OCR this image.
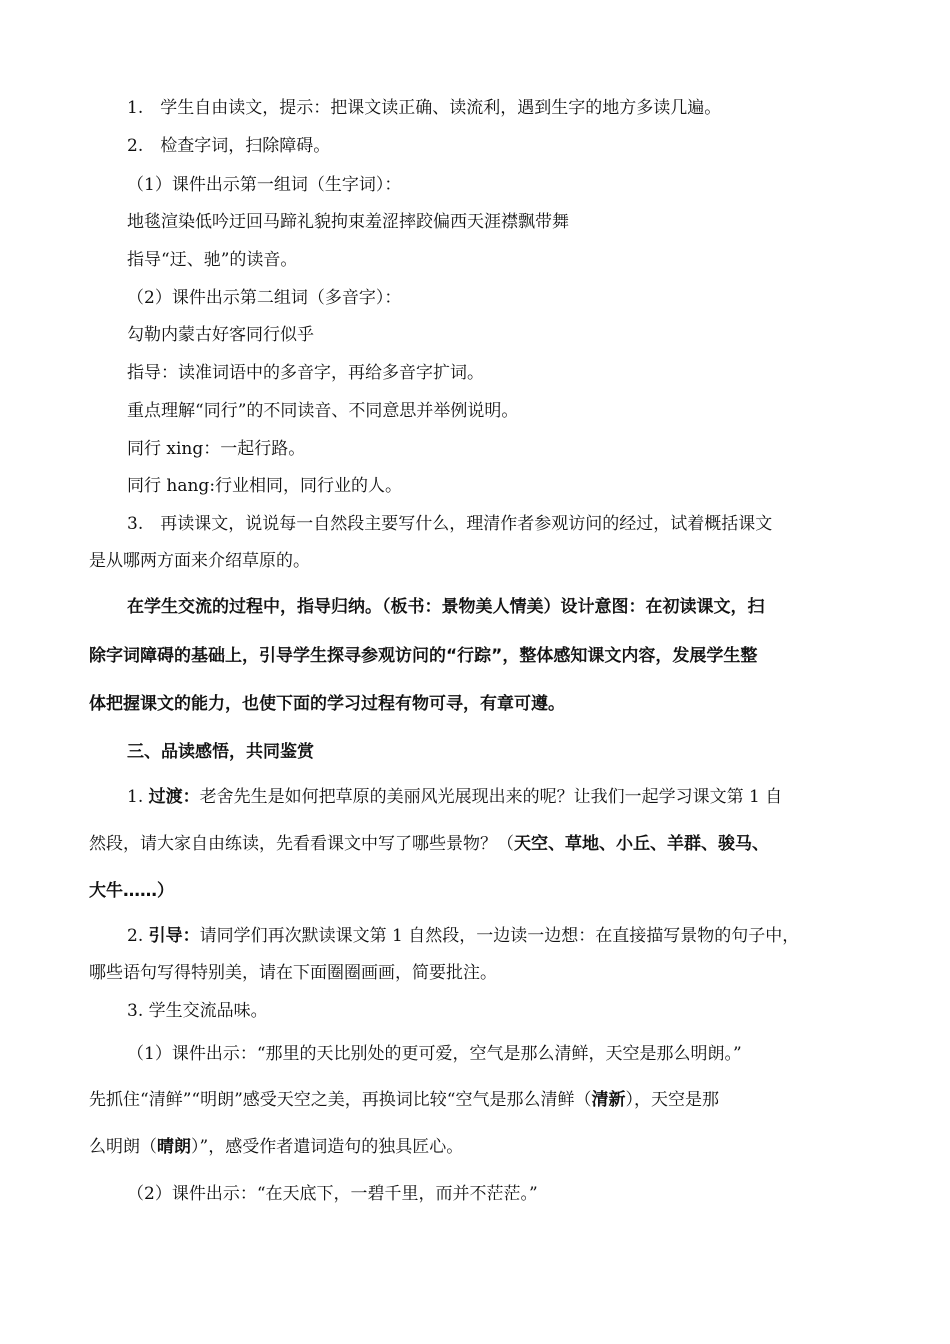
1.　学生自由读文，提示：把课文读正确、读流利，遇到生字的地方多读几遍。
2.　检查字词，扫除障碍。
（1）课件出示第一组词（生字词）：
地毯渲染低吟迂回马蹄礼貌拘束羞涩摔跤偏西天涯襟飘带舞
指导“迂、驰”的读音。
（2）课件出示第二组词（多音字）：
勾勒内蒙古好客同行似乎
指导：读准词语中的多音字，再给多音字扩词。
重点理解“同行”的不同读音、不同意思并举例说明。
同行 xing：一起行路。
同行 hang:行业相同，同行业的人。
3.　再读课文，说说每一自然段主要写什么，理清作者参观访问的经过，试着概括课文
是从哪两方面来介绍草原的。
在学生交流的过程中，指导归纳。（板书：景物美人情美）设计意图：在初读课文，扫
除字词障碍的基础上，引导学生探寻参观访问的“行踪”，整体感知课文内容，发展学生整
体把握课文的能力，也使下面的学习过程有物可寻，有章可遵。
三、品读感悟，共同鉴赏
1. 过渡：老舍先生是如何把草原的美丽风光展现出来的呢？让我们一起学习课文第 1 自
然段，请大家自由练读，先看看课文中写了哪些景物？（天空、草地、小丘、羊群、骏马、
大牛……）
2. 引导：请同学们再次默读课文第 1 自然段，一边读一边想：在直接描写景物的句子中，
哪些语句写得特别美，请在下面圈圈画画，简要批注。
3. 学生交流品味。
（1）课件出示：“那里的天比别处的更可爱，空气是那么清鲜，天空是那么明朗。”
先抓住“清鲜”“明朗”感受天空之美，再换词比较“空气是那么清鲜（清新），天空是那
么明朗（晴朗）”，感受作者遣词造句的独具匠心。
（2）课件出示：“在天底下，一碧千里，而并不茫茫。”
